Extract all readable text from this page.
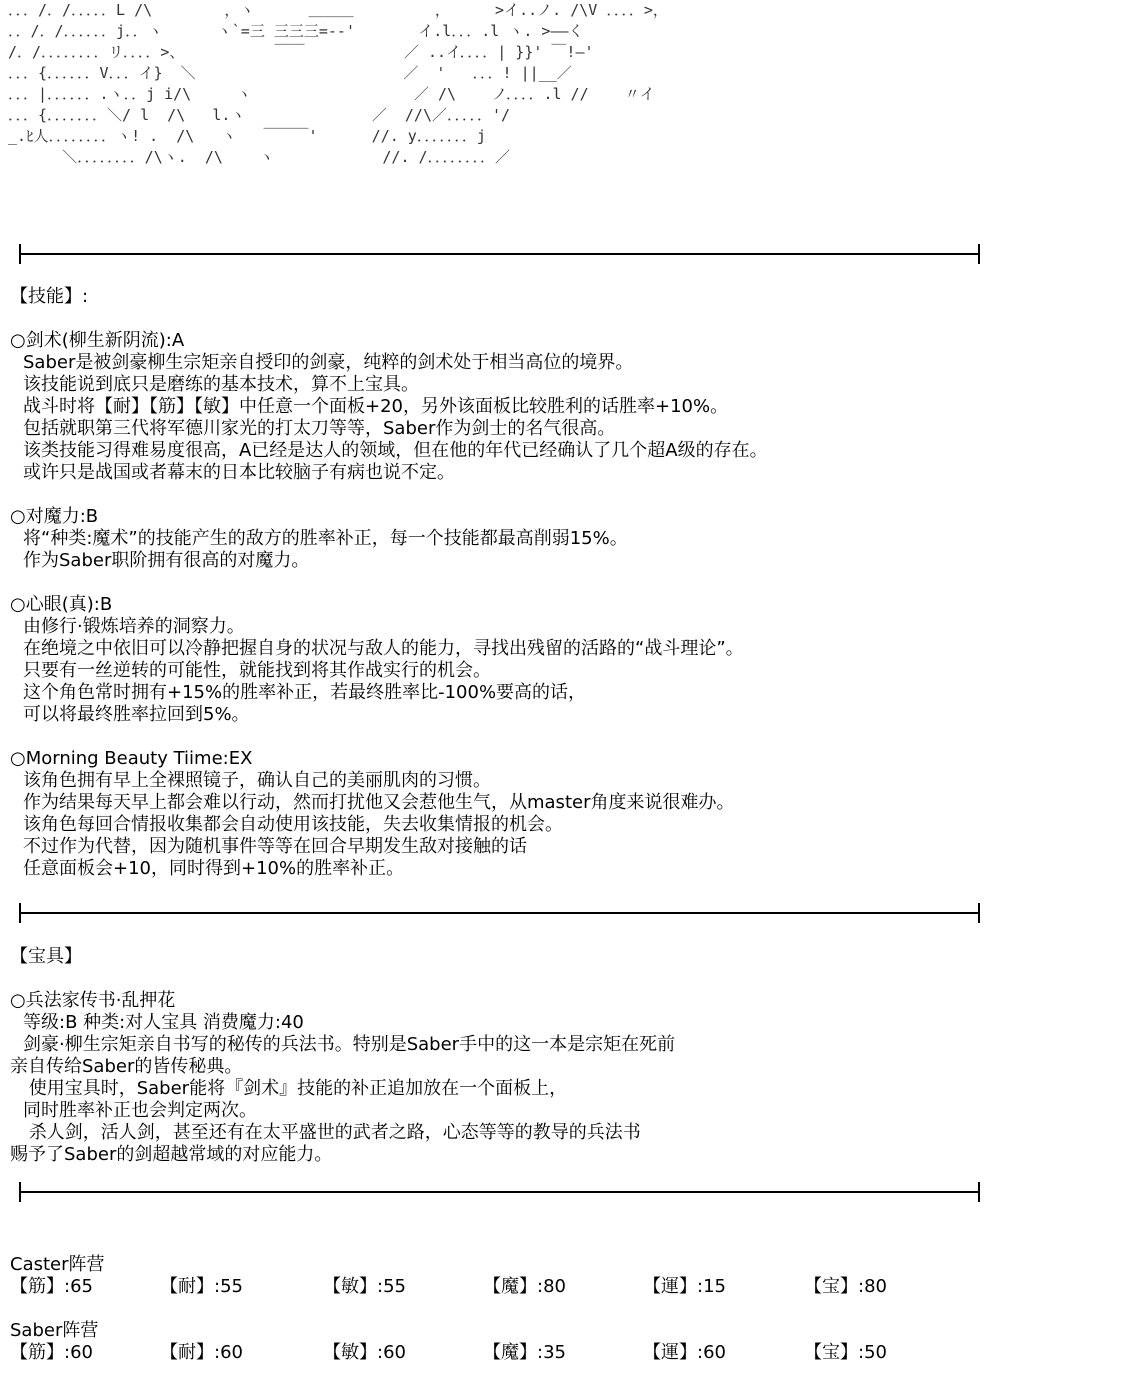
．．．/．/．．．．．L /\        ，ヽ      ＿＿＿         ，     >イ..ノ. /\V ．．．．>，
．．/．/．．．．．．j．．ヽ      ヽ`=三 三三三=-‐'       イ.l．．．.l ヽ. >――く
/．/．．．．．．．．リ．．．．>、          ￣￣           ／ ..イ．．．．| }}' ￣!―'
．．．{．．．．．．V．．．イ}  ＼                       ／  '   ．．．! ||__／
．．．|．．．．．．.ヽ．．j i/\     ヽ                  ／ /\    ノ．．．．.l //    〃イ
．．．{．．．．．．．＼/ l  /\   l.ヽ              ／  //\／．．．．．'/
_.ﾋ人．．．．．．．．ヽ! .  /\   ヽ   ￣￣￣'      //. y．．．．．．．j
＼．．．．．．．．/\ヽ.  /\    ヽ            //. /．．．．．．．．／
【技能】:
○剑术(柳生新阴流):A
Saber是被剑豪柳生宗矩亲自授印的剑豪，纯粹的剑术处于相当高位的境界。
该技能说到底只是磨练的基本技术，算不上宝具。
战斗时将【耐】【筋】【敏】中任意一个面板+20，另外该面板比较胜利的话胜率+10%。
包括就职第三代将军德川家光的打太刀等等，Saber作为剑士的名气很高。
该类技能习得难易度很高，A已经是达人的领域，但在他的年代已经确认了几个超A级的存在。
或许只是战国或者幕末的日本比较脑子有病也说不定。
○对魔力:B
将“种类:魔术”的技能产生的敌方的胜率补正，每一个技能都最高削弱15%。
作为Saber职阶拥有很高的对魔力。
○心眼(真):B
由修行·锻炼培养的洞察力。
在绝境之中依旧可以冷静把握自身的状况与敌人的能力，寻找出残留的活路的“战斗理论”。
只要有一丝逆转的可能性，就能找到将其作战实行的机会。
这个角色常时拥有+15%的胜率补正，若最终胜率比-100%要高的话，
可以将最终胜率拉回到5%。
○Morning Beauty Tiime:EX
该角色拥有早上全裸照镜子，确认自己的美丽肌肉的习惯。
作为结果每天早上都会难以行动，然而打扰他又会惹他生气，从master角度来说很难办。
该角色每回合情报收集都会自动使用该技能，失去收集情报的机会。
不过作为代替，因为随机事件等等在回合早期发生敌对接触的话
任意面板会+10，同时得到+10%的胜率补正。
【宝具】
○兵法家传书·乱押花
等级:B 种类:对人宝具 消费魔力:40
剑豪·柳生宗矩亲自书写的秘传的兵法书。特别是Saber手中的这一本是宗矩在死前
亲自传给Saber的皆传秘典。
使用宝具时，Saber能将『剑术』技能的补正追加放在一个面板上，
同时胜率补正也会判定两次。
杀人剑，活人剑，甚至还有在太平盛世的武者之路，心态等等的教导的兵法书
赐予了Saber的剑超越常域的对应能力。
Caster阵营
【筋】:65	【耐】:55	【敏】:55	【魔】:80	【運】:15	【宝】:80
Saber阵营
【筋】:60	【耐】:60	【敏】:60	【魔】:35	【運】:60	【宝】:50
